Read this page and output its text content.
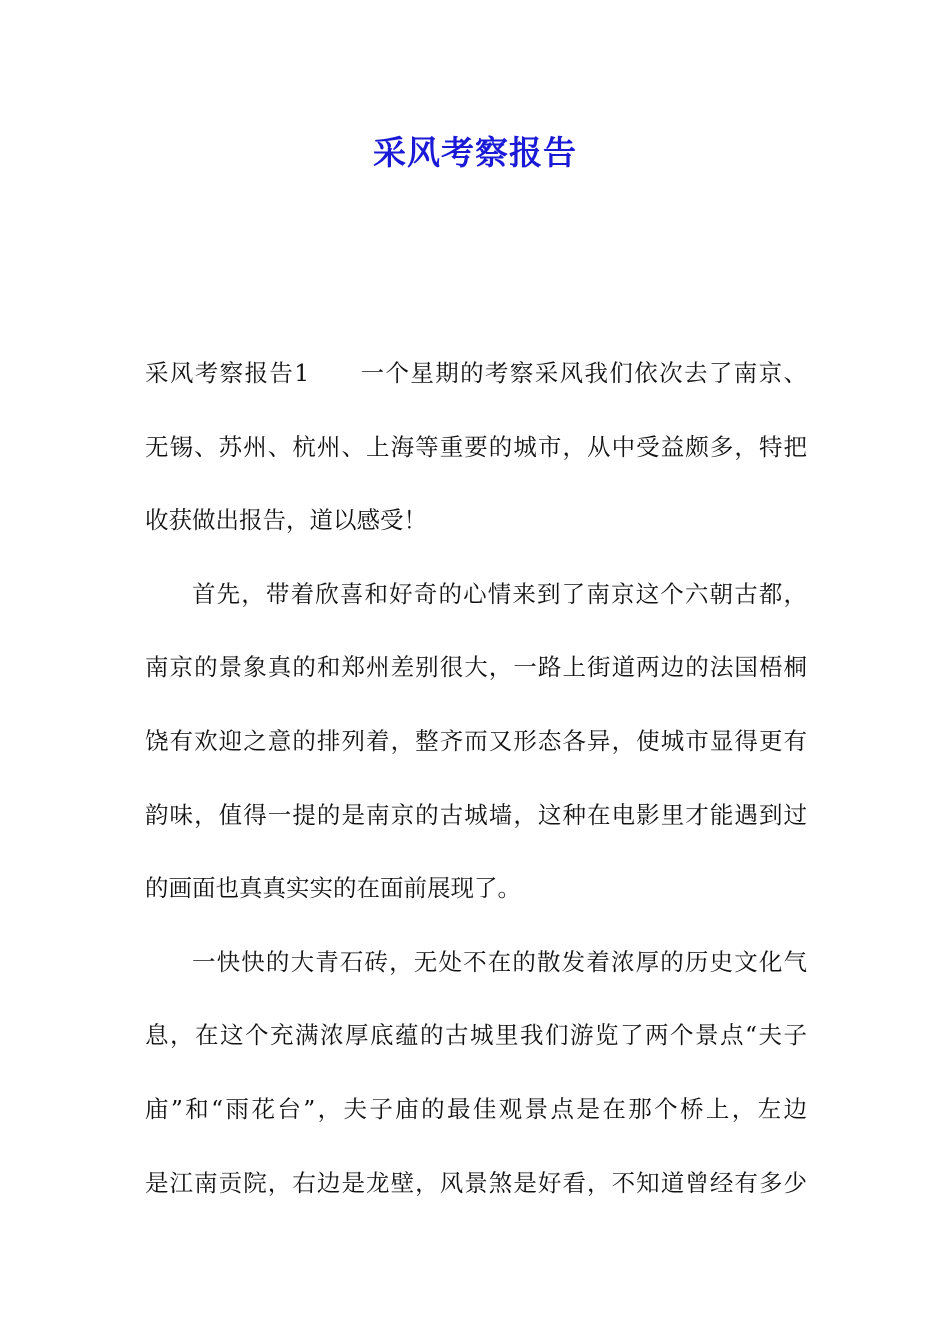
采风考察报告
采风考察报告1 一个星期的考察采风我们依次去了南京、
无锡、苏州、杭州、上海等重要的城市，从中受益颇多，特把
收获做出报告，道以感受！
首先，带着欣喜和好奇的心情来到了南京这个六朝古都，
南京的景象真的和郑州差别很大，一路上街道两边的法国梧桐
饶有欢迎之意的排列着，整齐而又形态各异，使城市显得更有
韵味，值得一提的是南京的古城墙，这种在电影里才能遇到过
的画面也真真实实的在面前展现了。
一快快的大青石砖，无处不在的散发着浓厚的历史文化气
息，在这个充满浓厚底蕴的古城里我们游览了两个景点“夫子
庙”和“雨花台”，夫子庙的最佳观景点是在那个桥上，左边
是江南贡院，右边是龙壁，风景煞是好看，不知道曾经有多少
